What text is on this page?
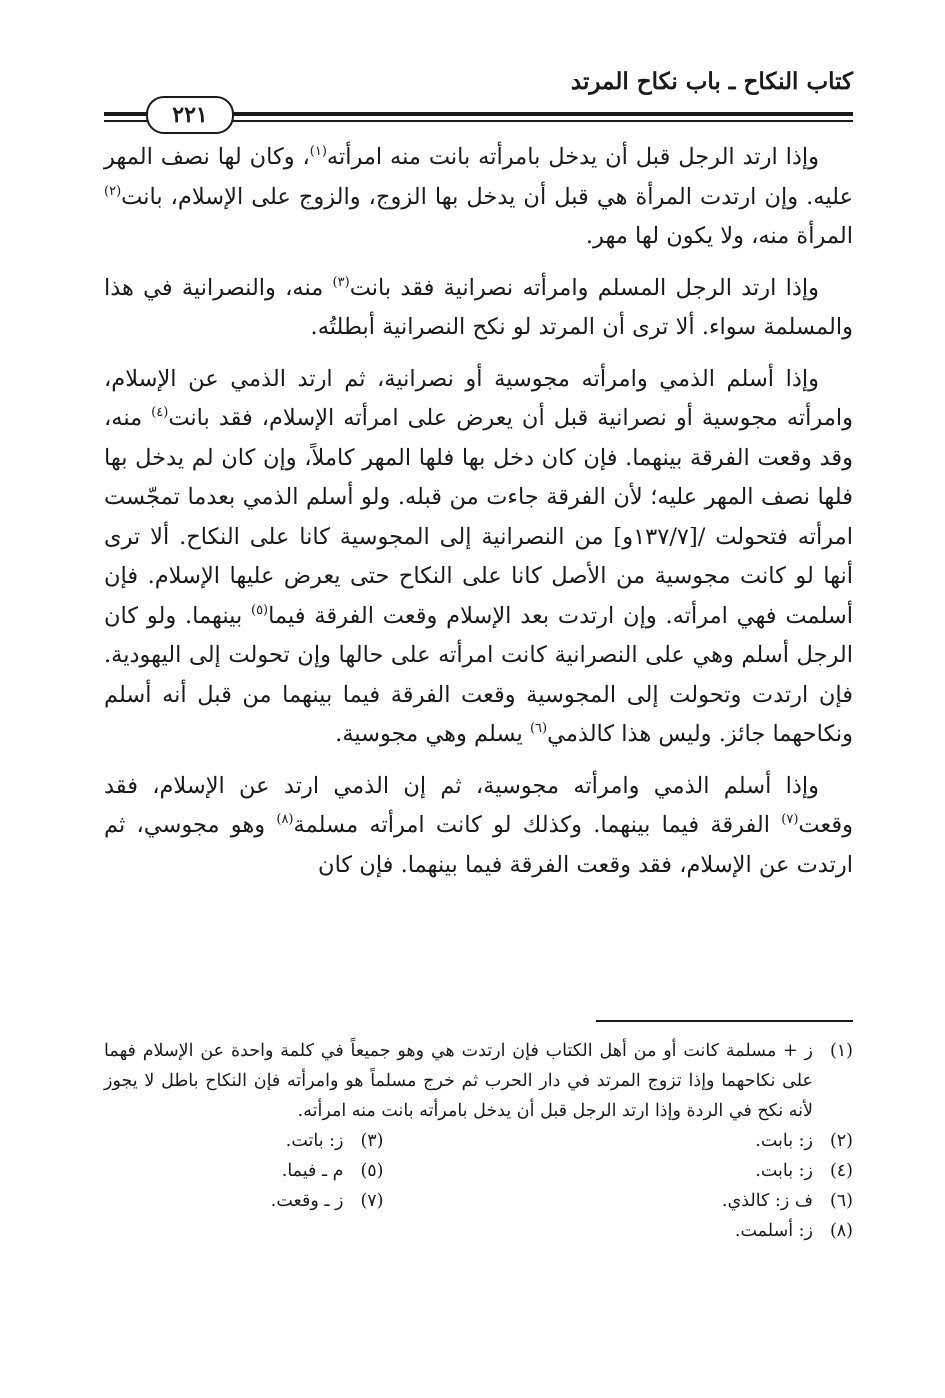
كتاب النكاح ـ باب نكاح المرتد
٢٢١

وإذا ارتد الرجل قبل أن يدخل بامرأته بانت منه امرأته$^{(١)}$، وكان لها نصف المهر عليه. وإن ارتدت المرأة هي قبل أن يدخل بها الزوج، والزوج على الإسلام، بانت$^{(٢)}$ المرأة منه، ولا يكون لها مهر.

وإذا ارتد الرجل المسلم وامرأته نصرانية فقد بانت$^{(٣)}$ منه، والنصرانية في هذا والمسلمة سواء. ألا ترى أن المرتد لو نكح النصرانية أبطلتُه.

وإذا أسلم الذمي وامرأته مجوسية أو نصرانية، ثم ارتد الذمي عن الإسلام، وامرأته مجوسية أو نصرانية قبل أن يعرض على امرأته الإسلام، فقد بانت$^{(٤)}$ منه، وقد وقعت الفرقة بينهما. فإن كان دخل بها فلها المهر كاملاً، وإن كان لم يدخل بها فلها نصف المهر عليه؛ لأن الفرقة جاءت من قبله. ولو أسلم الذمي بعدما تمجّست امرأته فتحولت /[١٣٧/٧و] من النصرانية إلى المجوسية كانا على النكاح. ألا ترى أنها لو كانت مجوسية من الأصل كانا على النكاح حتى يعرض عليها الإسلام. فإن أسلمت فهي امرأته. وإن ارتدت بعد الإسلام وقعت الفرقة فيما$^{(٥)}$ بينهما. ولو كان الرجل أسلم وهي على النصرانية كانت امرأته على حالها وإن تحولت إلى اليهودية. فإن ارتدت وتحولت إلى المجوسية وقعت الفرقة فيما بينهما من قبل أنه أسلم ونكاحهما جائز. وليس هذا كالذمي$^{(٦)}$ يسلم وهي مجوسية.

وإذا أسلم الذمي وامرأته مجوسية، ثم إن الذمي ارتد عن الإسلام، فقد وقعت$^{(٧)}$ الفرقة فيما بينهما. وكذلك لو كانت امرأته مسلمة$^{(٨)}$ وهو مجوسي، ثم ارتدت عن الإسلام، فقد وقعت الفرقة فيما بينهما. فإن كان

(١)
ز + مسلمة كانت أو من أهل الكتاب فإن ارتدت هي وهو جميعاً في كلمة واحدة عن الإسلام فهما على نكاحهما وإذا تزوج المرتد في دار الحرب ثم خرج مسلماً هو وامرأته فإن النكاح باطل لا يجوز لأنه نكح في الردة وإذا ارتد الرجل قبل أن يدخل بامرأته بانت منه امرأته.
(٢)
ز: بابت.
(٣)
ز: باتت.
(٤)
ز: بابت.
(٥)
م ـ فيما.
(٦)
ف ز: كالذي.
(٧)
ز ـ وقعت.
(٨)
ز: أسلمت.
